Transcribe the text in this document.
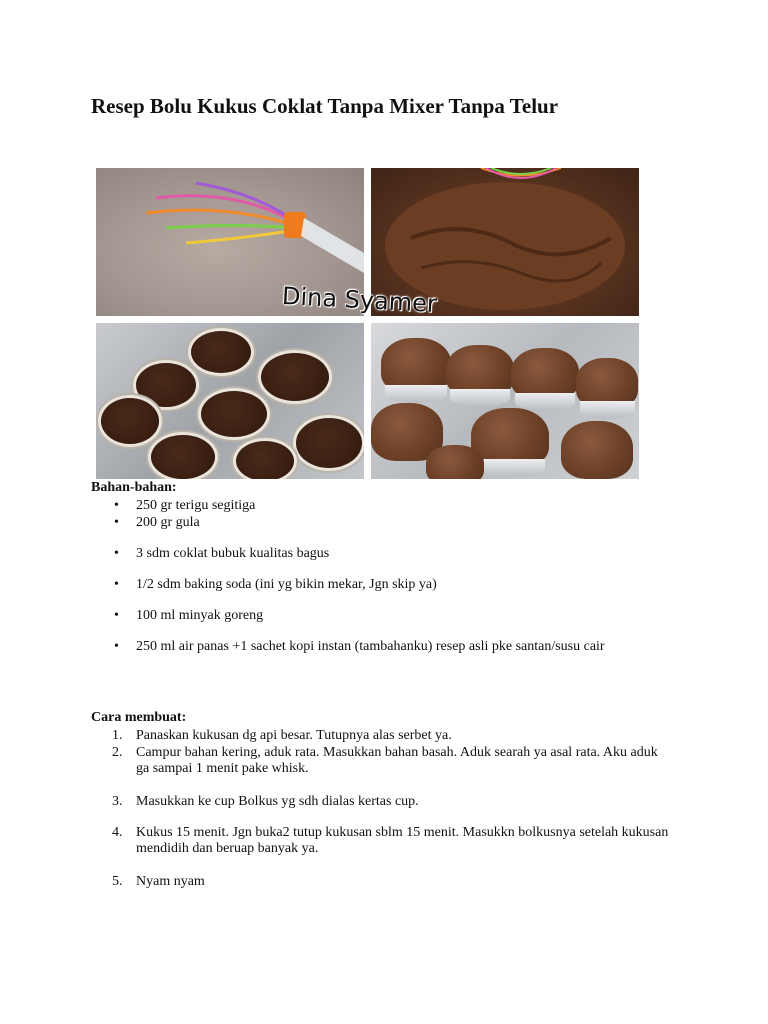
Resep Bolu Kukus Coklat Tanpa Mixer Tanpa Telur
Dina Syamer

Bahan-bahan:

• 250 gr terigu segitiga
• 200 gr gula
• 3 sdm coklat bubuk kualitas bagus
• 1/2 sdm baking soda (ini yg bikin mekar, Jgn skip ya)
• 100 ml minyak goreng
• 250 ml air panas +1 sachet kopi instan (tambahanku) resep asli pke santan/susu cair

Cara membuat:

1. Panaskan kukusan dg api besar. Tutupnya alas serbet ya.
2. Campur bahan kering, aduk rata. Masukkan bahan basah. Aduk searah ya asal rata. Aku aduk ga sampai 1 menit pake whisk.
3. Masukkan ke cup Bolkus yg sdh dialas kertas cup.
4. Kukus 15 menit. Jgn buka2 tutup kukusan sblm 15 menit. Masukkn bolkusnya setelah kukusan mendidih dan beruap banyak ya.
5. Nyam nyam
